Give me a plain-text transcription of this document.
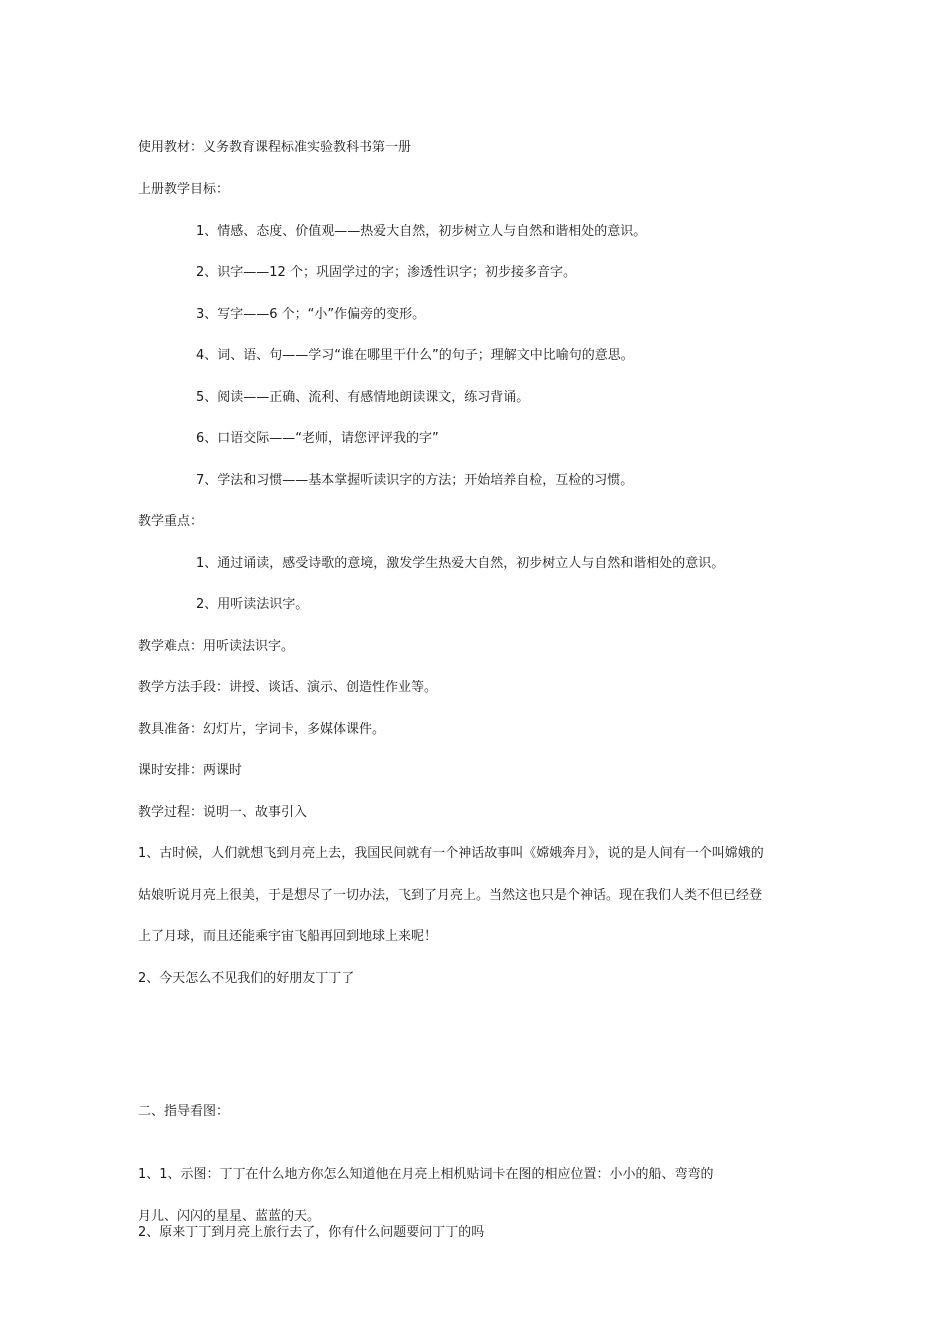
使用教材：义务教育课程标准实验教科书第一册

上册教学目标：

1、情感、态度、价值观——热爱大自然，初步树立人与自然和谐相处的意识。

2、识字——12 个；巩固学过的字；渗透性识字；初步接多音字。

3、写字——6 个；“小”作偏旁的变形。

4、词、语、句——学习“谁在哪里干什么”的句子；理解文中比喻句的意思。

5、阅读——正确、流利、有感情地朗读课文，练习背诵。

6、口语交际——“老师，请您评评我的字”

7、学法和习惯——基本掌握听读识字的方法；开始培养自检，互检的习惯。

教学重点：

1、通过诵读，感受诗歌的意境，激发学生热爱大自然，初步树立人与自然和谐相处的意识。

2、用听读法识字。

教学难点：用听读法识字。

教学方法手段：讲授、谈话、演示、创造性作业等。

教具准备：幻灯片，字词卡，多媒体课件。

课时安排：两课时

教学过程：说明一、故事引入

1、古时候，人们就想飞到月亮上去，我国民间就有一个神话故事叫《嫦娥奔月》，说的是人间有一个叫嫦娥的

姑娘听说月亮上很美，于是想尽了一切办法，飞到了月亮上。当然这也只是个神话。现在我们人类不但已经登

上了月球，而且还能乘宇宙飞船再回到地球上来呢！

2、今天怎么不见我们的好朋友丁丁了

二、指导看图：

1、1、示图：丁丁在什么地方你怎么知道他在月亮上相机贴词卡在图的相应位置：小小的船、弯弯的

月儿、闪闪的星星、蓝蓝的天。

2、原来丁丁到月亮上旅行去了，你有什么问题要问丁丁的吗
